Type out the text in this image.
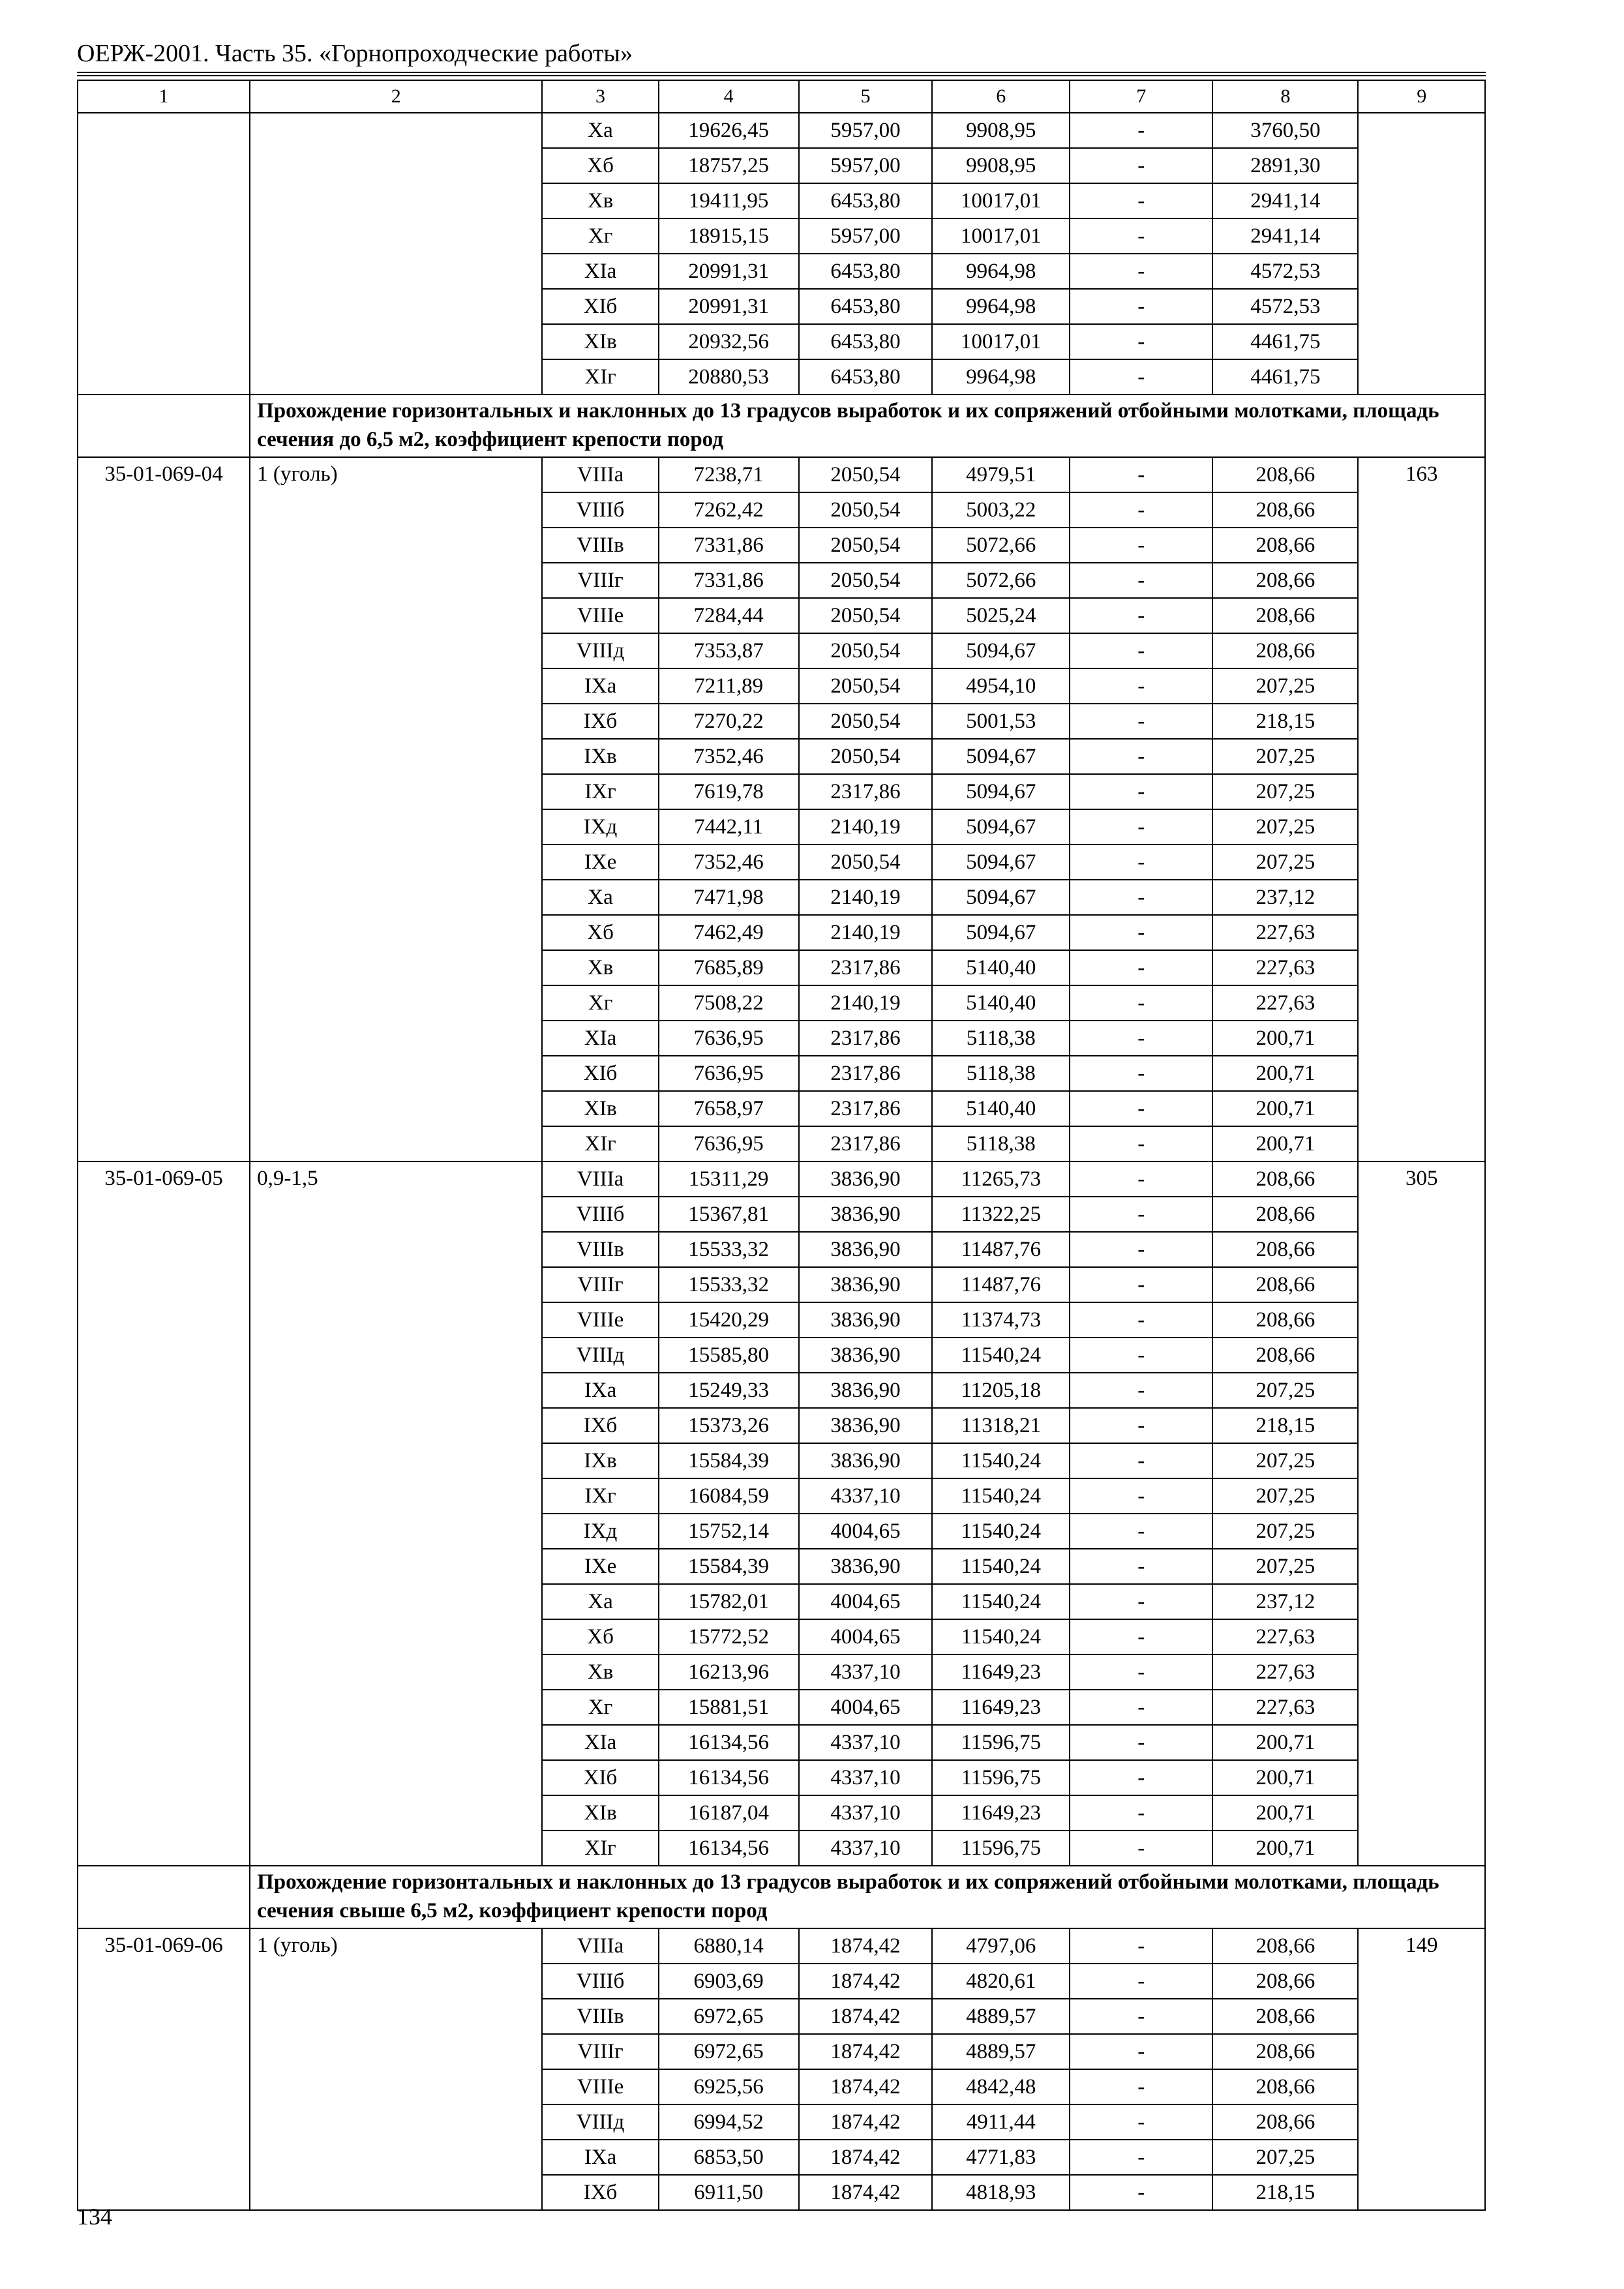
ОЕРЖ-2001. Часть 35. «Горнопроходческие работы»
1	2	3	4	5	6	7	8	9
		Xа	19626,45	5957,00	9908,95	-	3760,50	
		Xб	18757,25	5957,00	9908,95	-	2891,30	
		Xв	19411,95	6453,80	10017,01	-	2941,14	
		Xг	18915,15	5957,00	10017,01	-	2941,14	
		XIа	20991,31	6453,80	9964,98	-	4572,53	
		XIб	20991,31	6453,80	9964,98	-	4572,53	
		XIв	20932,56	6453,80	10017,01	-	4461,75	
		XIг	20880,53	6453,80	9964,98	-	4461,75	
	Прохождение горизонтальных и наклонных до 13 градусов выработок и их сопряжений отбойными молотками, площадь сечения до 6,5 м2, коэффициент крепости пород							
35-01-069-04	1 (уголь)	VIIIа	7238,71	2050,54	4979,51	-	208,66	163
		VIIIб	7262,42	2050,54	5003,22	-	208,66	
		VIIIв	7331,86	2050,54	5072,66	-	208,66	
		VIIIг	7331,86	2050,54	5072,66	-	208,66	
		VIIIе	7284,44	2050,54	5025,24	-	208,66	
		VIIIд	7353,87	2050,54	5094,67	-	208,66	
		IXа	7211,89	2050,54	4954,10	-	207,25	
		IXб	7270,22	2050,54	5001,53	-	218,15	
		IXв	7352,46	2050,54	5094,67	-	207,25	
		IXг	7619,78	2317,86	5094,67	-	207,25	
		IXд	7442,11	2140,19	5094,67	-	207,25	
		IXе	7352,46	2050,54	5094,67	-	207,25	
		Xа	7471,98	2140,19	5094,67	-	237,12	
		Xб	7462,49	2140,19	5094,67	-	227,63	
		Xв	7685,89	2317,86	5140,40	-	227,63	
		Xг	7508,22	2140,19	5140,40	-	227,63	
		XIа	7636,95	2317,86	5118,38	-	200,71	
		XIб	7636,95	2317,86	5118,38	-	200,71	
		XIв	7658,97	2317,86	5140,40	-	200,71	
		XIг	7636,95	2317,86	5118,38	-	200,71	
35-01-069-05	0,9-1,5	VIIIа	15311,29	3836,90	11265,73	-	208,66	305
		VIIIб	15367,81	3836,90	11322,25	-	208,66	
		VIIIв	15533,32	3836,90	11487,76	-	208,66	
		VIIIг	15533,32	3836,90	11487,76	-	208,66	
		VIIIе	15420,29	3836,90	11374,73	-	208,66	
		VIIIд	15585,80	3836,90	11540,24	-	208,66	
		IXа	15249,33	3836,90	11205,18	-	207,25	
		IXб	15373,26	3836,90	11318,21	-	218,15	
		IXв	15584,39	3836,90	11540,24	-	207,25	
		IXг	16084,59	4337,10	11540,24	-	207,25	
		IXд	15752,14	4004,65	11540,24	-	207,25	
		IXе	15584,39	3836,90	11540,24	-	207,25	
		Xа	15782,01	4004,65	11540,24	-	237,12	
		Xб	15772,52	4004,65	11540,24	-	227,63	
		Xв	16213,96	4337,10	11649,23	-	227,63	
		Xг	15881,51	4004,65	11649,23	-	227,63	
		XIа	16134,56	4337,10	11596,75	-	200,71	
		XIб	16134,56	4337,10	11596,75	-	200,71	
		XIв	16187,04	4337,10	11649,23	-	200,71	
		XIг	16134,56	4337,10	11596,75	-	200,71	
	Прохождение горизонтальных и наклонных до 13 градусов выработок и их сопряжений отбойными молотками, площадь сечения свыше 6,5 м2, коэффициент крепости пород							
35-01-069-06	1 (уголь)	VIIIа	6880,14	1874,42	4797,06	-	208,66	149
		VIIIб	6903,69	1874,42	4820,61	-	208,66	
		VIIIв	6972,65	1874,42	4889,57	-	208,66	
		VIIIг	6972,65	1874,42	4889,57	-	208,66	
		VIIIе	6925,56	1874,42	4842,48	-	208,66	
		VIIIд	6994,52	1874,42	4911,44	-	208,66	
		IXа	6853,50	1874,42	4771,83	-	207,25	
		IXб	6911,50	1874,42	4818,93	-	218,15	
134
